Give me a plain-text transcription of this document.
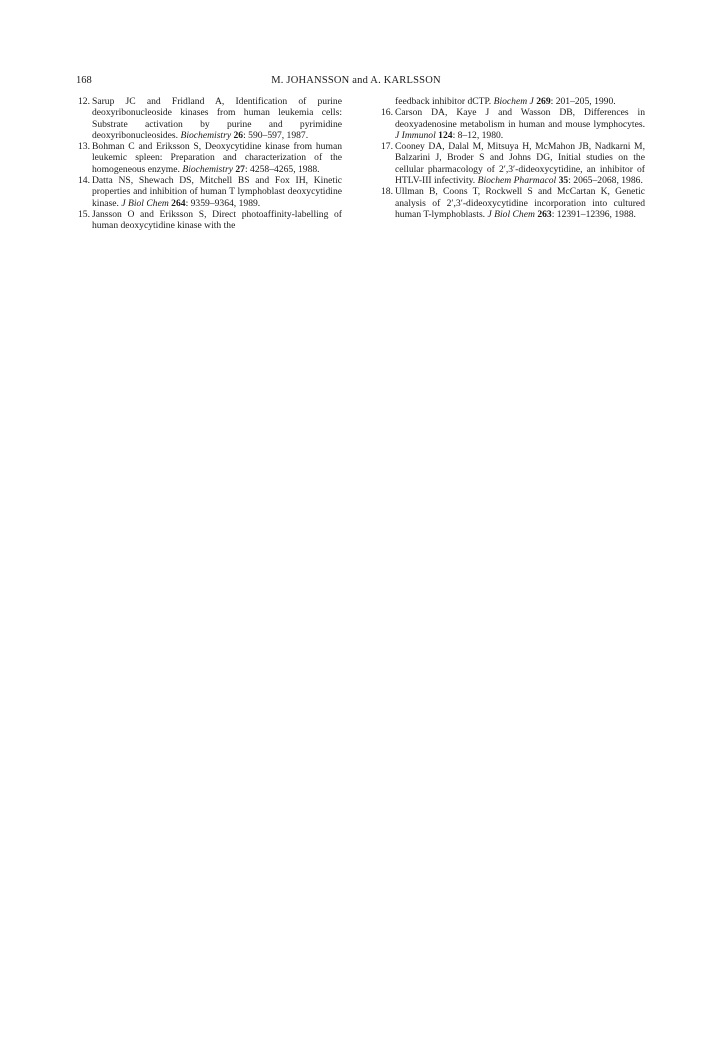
168	M. JOHANSSON and A. KARLSSON
12. Sarup JC and Fridland A, Identification of purine deoxyribonucleoside kinases from human leukemia cells: Substrate activation by purine and pyrimidine deoxyribonucleosides. Biochemistry 26: 590–597, 1987.
13. Bohman C and Eriksson S, Deoxycytidine kinase from human leukemic spleen: Preparation and characterization of the homogeneous enzyme. Biochemistry 27: 4258–4265, 1988.
14. Datta NS, Shewach DS, Mitchell BS and Fox IH, Kinetic properties and inhibition of human T lymphoblast deoxycytidine kinase. J Biol Chem 264: 9359–9364, 1989.
15. Jansson O and Eriksson S, Direct photoaffinity-labelling of human deoxycytidine kinase with the
feedback inhibitor dCTP. Biochem J 269: 201–205, 1990.
16. Carson DA, Kaye J and Wasson DB, Differences in deoxyadenosine metabolism in human and mouse lymphocytes. J Immunol 124: 8–12, 1980.
17. Cooney DA, Dalal M, Mitsuya H, McMahon JB, Nadkarni M, Balzarini J, Broder S and Johns DG, Initial studies on the cellular pharmacology of 2′,3′-dideoxycytidine, an inhibitor of HTLV-III infectivity. Biochem Pharmacol 35: 2065–2068, 1986.
18. Ullman B, Coons T, Rockwell S and McCartan K, Genetic analysis of 2′,3′-dideoxycytidine incorporation into cultured human T-lymphoblasts. J Biol Chem 263: 12391–12396, 1988.
